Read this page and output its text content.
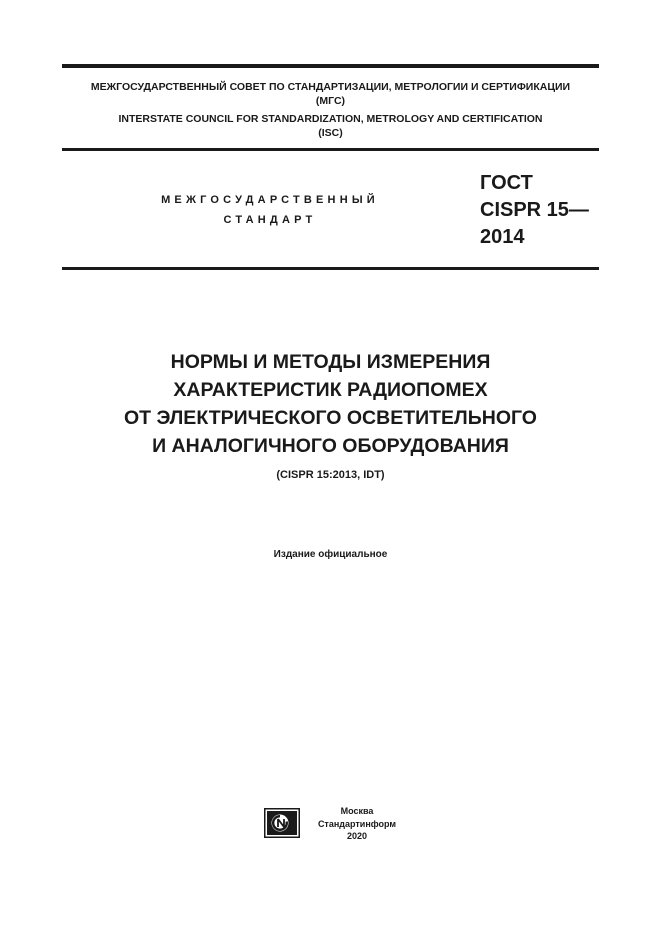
МЕЖГОСУДАРСТВЕННЫЙ СОВЕТ ПО СТАНДАРТИЗАЦИИ, МЕТРОЛОГИИ И СЕРТИФИКАЦИИ
(МГС)
INTERSTATE COUNCIL FOR STANDARDIZATION, METROLOGY AND CERTIFICATION
(ISC)
МЕЖГОСУДАРСТВЕННЫЙ
СТАНДАРТ
ГОСТ
CISPR 15—
2014
НОРМЫ И МЕТОДЫ ИЗМЕРЕНИЯ
ХАРАКТЕРИСТИК РАДИОПОМЕХ
ОТ ЭЛЕКТРИЧЕСКОГО ОСВЕТИТЕЛЬНОГО
И АНАЛОГИЧНОГО ОБОРУДОВАНИЯ
(CISPR 15:2013, IDT)
Издание официальное
Москва
Стандартинформ
2020
